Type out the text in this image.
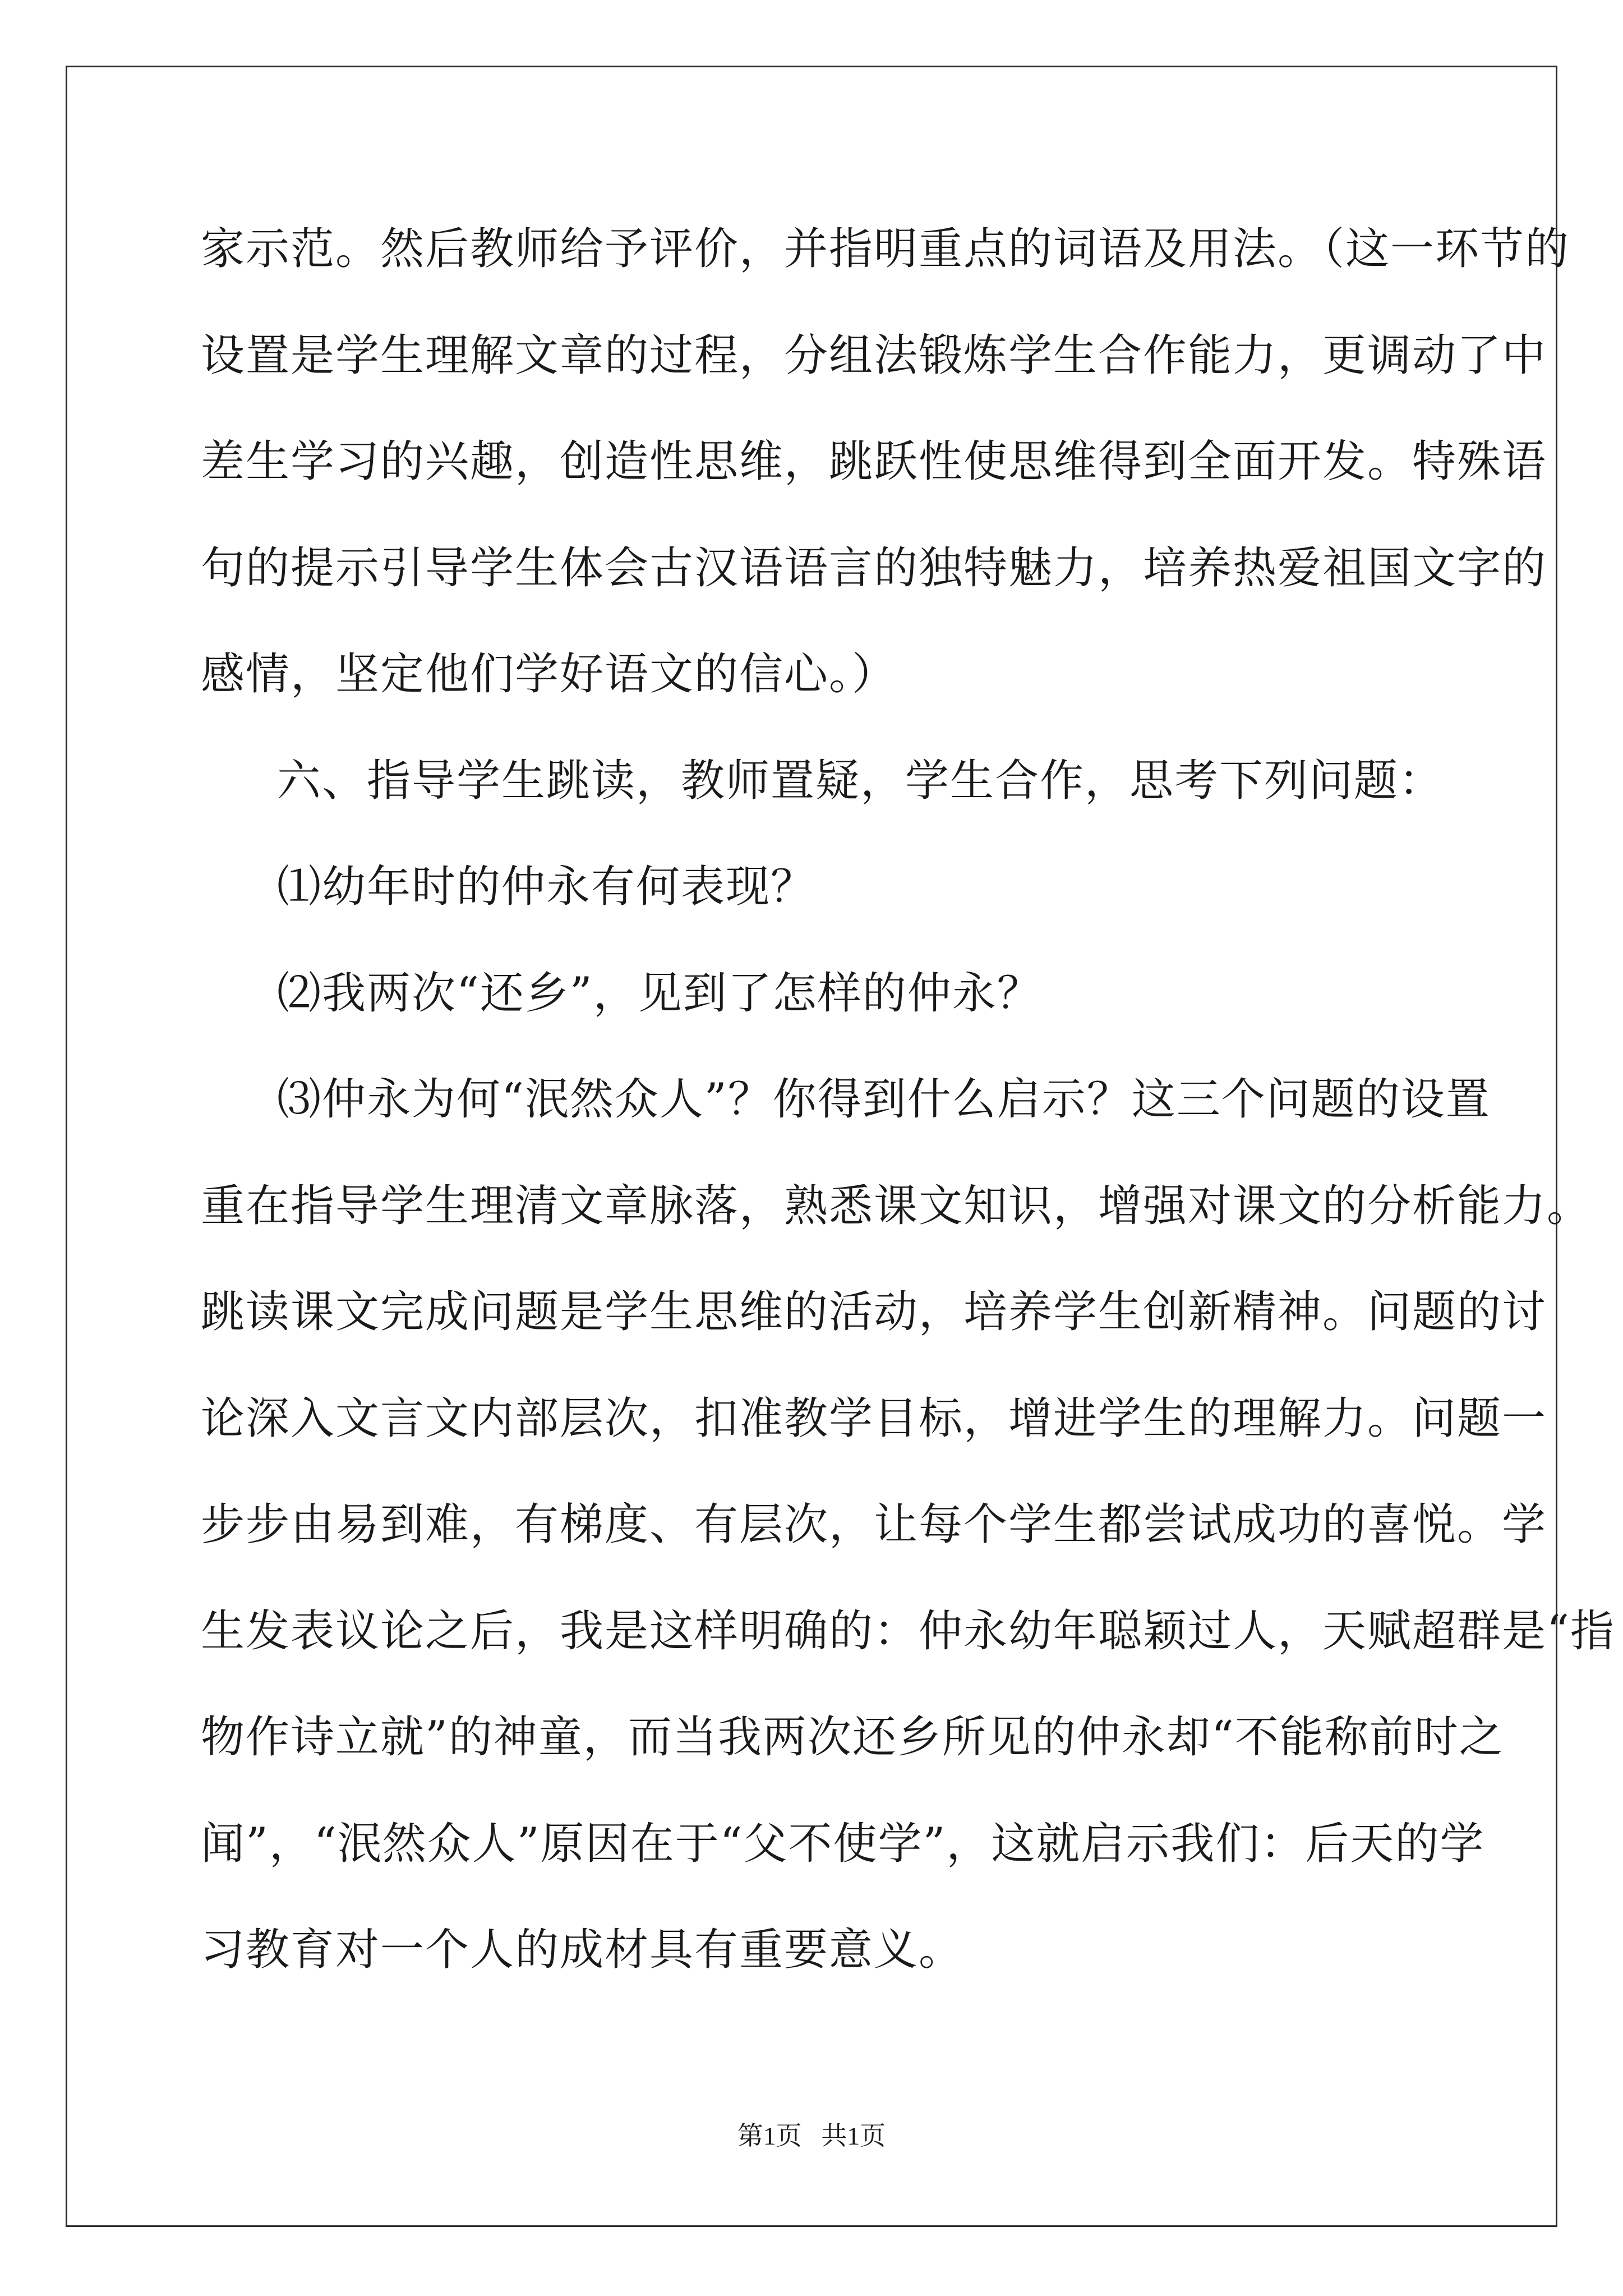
家示范。然后教师给予评价，并指明重点的词语及用法。（这一环节的
设置是学生理解文章的过程，分组法锻炼学生合作能力，更调动了中
差生学习的兴趣，创造性思维，跳跃性使思维得到全面开发。特殊语
句的提示引导学生体会古汉语语言的独特魅力，培养热爱祖国文字的
感情，坚定他们学好语文的信心。）
六、指导学生跳读，教师置疑，学生合作，思考下列问题：
⑴幼年时的仲永有何表现？
⑵我两次“还乡”，见到了怎样的仲永？
⑶仲永为何“泯然众人”？你得到什么启示？这三个问题的设置
重在指导学生理清文章脉落，熟悉课文知识，增强对课文的分析能力。
跳读课文完成问题是学生思维的活动，培养学生创新精神。问题的讨
论深入文言文内部层次，扣准教学目标，增进学生的理解力。问题一
步步由易到难，有梯度、有层次，让每个学生都尝试成功的喜悦。学
生发表议论之后，我是这样明确的：仲永幼年聪颖过人，天赋超群是“指
物作诗立就”的神童，而当我两次还乡所见的仲永却“不能称前时之
闻”，“泯然众人”原因在于“父不使学”，这就启示我们：后天的学
习教育对一个人的成材具有重要意义。
第1页   共1页
